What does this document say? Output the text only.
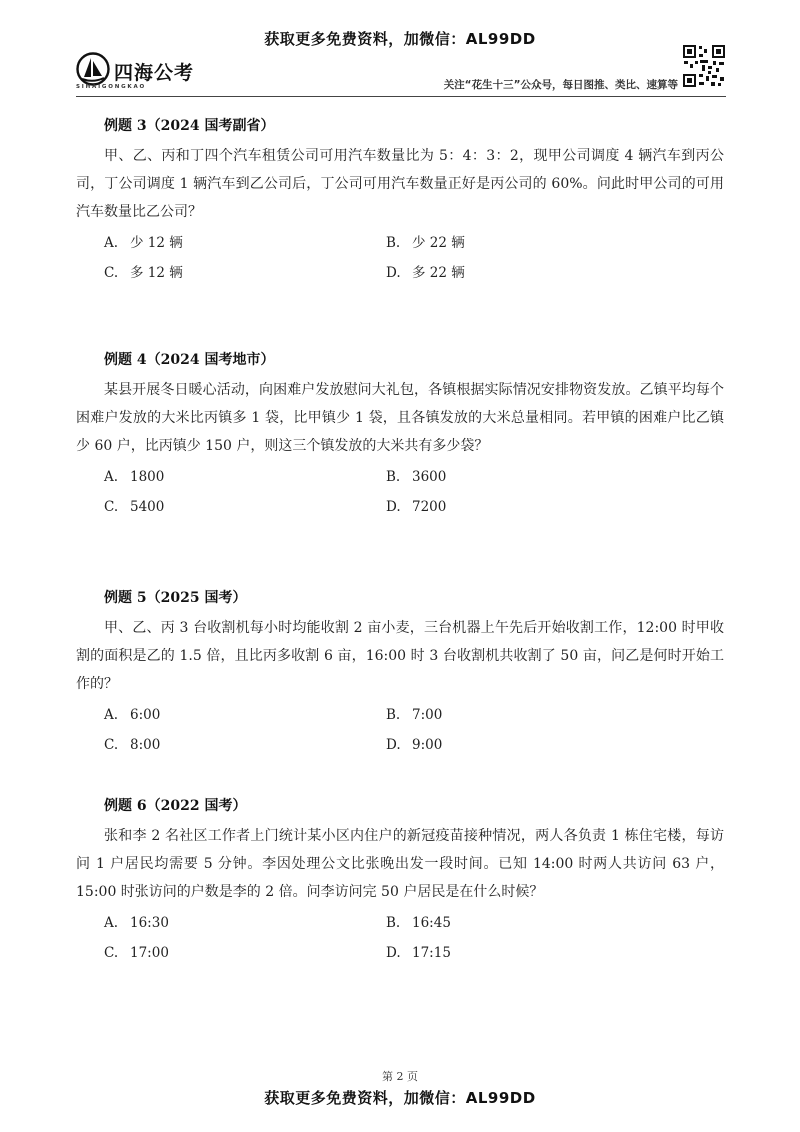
获取更多免费资料，加微信：AL99DD
四海公考
SIHAIGONGKAO	关注“花生十三”公众号，每日图推、类比、速算等

例题 3（2024 国考副省）

甲、乙、丙和丁四个汽车租赁公司可用汽车数量比为 5：4：3：2，现甲公司调度 4 辆汽车到丙公司，丁公司调度 1 辆汽车到乙公司后，丁公司可用汽车数量正好是丙公司的 60%。问此时甲公司的可用汽车数量比乙公司？

A. 少 12 辆	B. 少 22 辆
C. 多 12 辆	D. 多 22 辆

例题 4（2024 国考地市）

某县开展冬日暖心活动，向困难户发放慰问大礼包，各镇根据实际情况安排物资发放。乙镇平均每个困难户发放的大米比丙镇多 1 袋，比甲镇少 1 袋，且各镇发放的大米总量相同。若甲镇的困难户比乙镇少 60 户，比丙镇少 150 户，则这三个镇发放的大米共有多少袋？

A. 1800	B. 3600
C. 5400	D. 7200

例题 5（2025 国考）

甲、乙、丙 3 台收割机每小时均能收割 2 亩小麦，三台机器上午先后开始收割工作，12:00 时甲收割的面积是乙的 1.5 倍，且比丙多收割 6 亩，16:00 时 3 台收割机共收割了 50 亩，问乙是何时开始工作的？

A. 6:00	B. 7:00
C. 8:00	D. 9:00

例题 6（2022 国考）

张和李 2 名社区工作者上门统计某小区内住户的新冠疫苗接种情况，两人各负责 1 栋住宅楼，每访问 1 户居民均需要 5 分钟。李因处理公文比张晚出发一段时间。已知 14:00 时两人共访问 63 户，15:00 时张访问的户数是李的 2 倍。问李访问完 50 户居民是在什么时候？

A. 16:30	B. 16:45
C. 17:00	D. 17:15
第 2 页
获取更多免费资料，加微信：AL99DD
